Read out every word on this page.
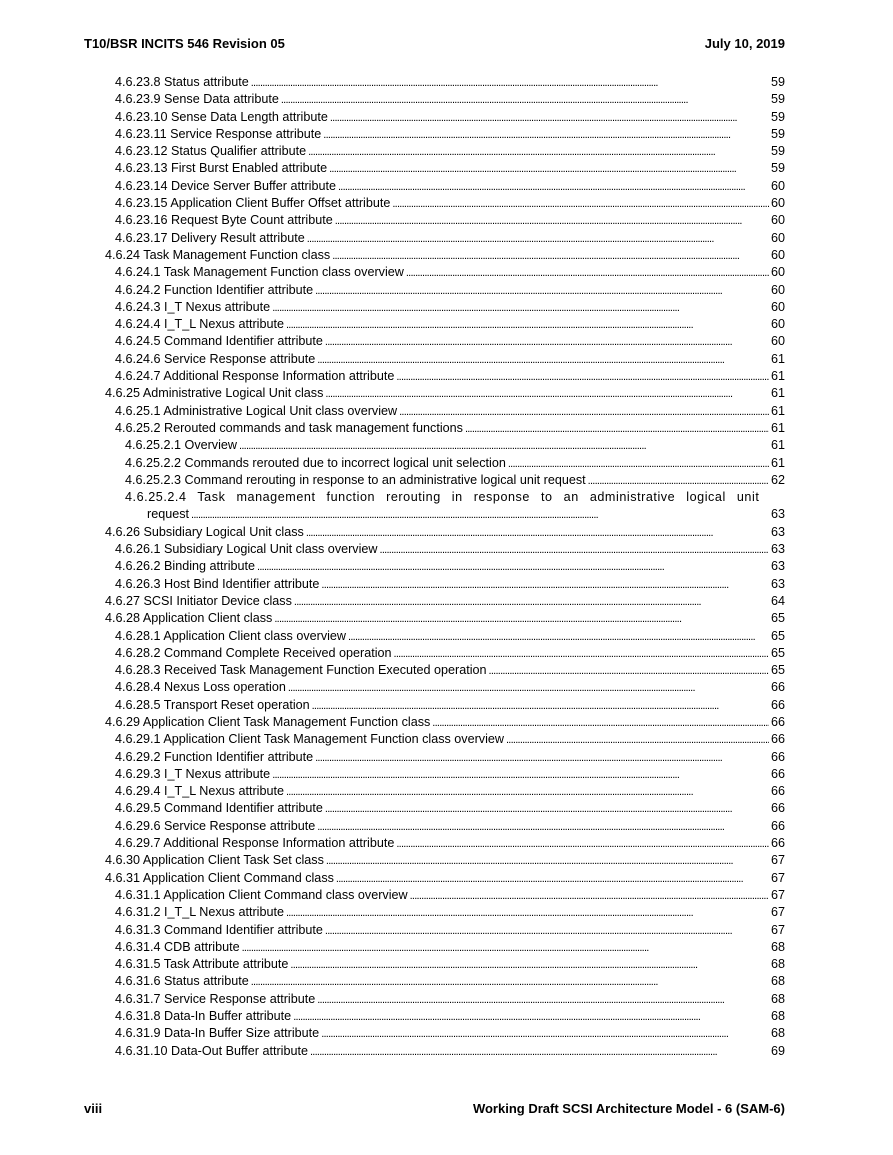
T10/BSR INCITS 546 Revision 05	July 10, 2019
4.6.23.8 Status attribute . . .	59
4.6.23.9 Sense Data attribute . . .	59
4.6.23.10 Sense Data Length attribute . . .	59
4.6.23.11 Service Response attribute . . .	59
4.6.23.12 Status Qualifier attribute . . .	59
4.6.23.13 First Burst Enabled attribute . . .	59
4.6.23.14 Device Server Buffer attribute . . .	60
4.6.23.15 Application Client Buffer Offset attribute . . .	60
4.6.23.16 Request Byte Count attribute . . .	60
4.6.23.17 Delivery Result attribute . . .	60
4.6.24 Task Management Function class . . .	60
4.6.24.1 Task Management Function class overview . . .	60
4.6.24.2 Function Identifier attribute . . .	60
4.6.24.3 I_T Nexus attribute . . .	60
4.6.24.4 I_T_L Nexus attribute . . .	60
4.6.24.5 Command Identifier attribute . . .	60
4.6.24.6 Service Response attribute . . .	61
4.6.24.7 Additional Response Information attribute . . .	61
4.6.25 Administrative Logical Unit class . . .	61
4.6.25.1 Administrative Logical Unit class overview . . .	61
4.6.25.2 Rerouted commands and task management functions . . .	61
4.6.25.2.1 Overview . . .	61
4.6.25.2.2 Commands rerouted due to incorrect logical unit selection . . .	61
4.6.25.2.3 Command rerouting in response to an administrative logical unit request . . .	62
4.6.25.2.4 Task management function rerouting in response to an administrative logical unit
request . . .	63
4.6.26 Subsidiary Logical Unit class . . .	63
4.6.26.1 Subsidiary Logical Unit class overview . . .	63
4.6.26.2 Binding attribute . . .	63
4.6.26.3 Host Bind Identifier attribute . . .	63
4.6.27 SCSI Initiator Device class . . .	64
4.6.28 Application Client class . . .	65
4.6.28.1 Application Client class overview . . .	65
4.6.28.2 Command Complete Received operation . . .	65
4.6.28.3 Received Task Management Function Executed operation . . .	65
4.6.28.4 Nexus Loss operation . . .	66
4.6.28.5 Transport Reset operation . . .	66
4.6.29 Application Client Task Management Function class . . .	66
4.6.29.1 Application Client Task Management Function class overview . . .	66
4.6.29.2 Function Identifier attribute . . .	66
4.6.29.3 I_T Nexus attribute . . .	66
4.6.29.4 I_T_L Nexus attribute . . .	66
4.6.29.5 Command Identifier attribute . . .	66
4.6.29.6 Service Response attribute . . .	66
4.6.29.7 Additional Response Information attribute . . .	66
4.6.30 Application Client Task Set class . . .	67
4.6.31 Application Client Command class . . .	67
4.6.31.1 Application Client Command class overview . . .	67
4.6.31.2 I_T_L Nexus attribute . . .	67
4.6.31.3 Command Identifier attribute . . .	67
4.6.31.4 CDB attribute . . .	68
4.6.31.5 Task Attribute attribute . . .	68
4.6.31.6 Status attribute . . .	68
4.6.31.7 Service Response attribute . . .	68
4.6.31.8 Data-In Buffer attribute . . .	68
4.6.31.9 Data-In Buffer Size attribute . . .	68
4.6.31.10 Data-Out Buffer attribute . . .	69
viii	Working Draft SCSI Architecture Model - 6 (SAM-6)
